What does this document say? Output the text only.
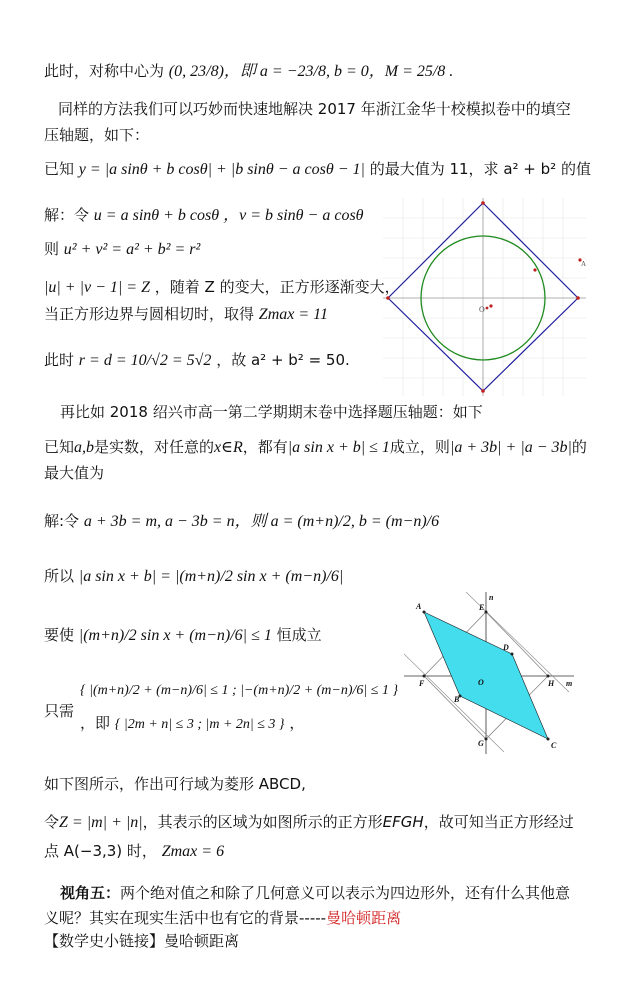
此时，对称中心为 (0, 23/8)，即 a = −23/8, b = 0，M = 25/8 .
同样的方法我们可以巧妙而快速地解决 2017 年浙江金华十校模拟卷中的填空
压轴题，如下：
已知 y = |a sinθ + b cosθ| + |b sinθ − a cosθ − 1| 的最大值为 11，求 a² + b² 的值
解：令 u = a sinθ + b cosθ ，v = b sinθ − a cosθ
则 u² + v² = a² + b² = r²
|u| + |v − 1| = Z ，随着 Z 的变大，正方形逐渐变大，
当正方形边界与圆相切时，取得 Zmax = 11
此时 r = d = 10/√2 = 5√2 ，故 a² + b² = 50.
O
A
再比如 2018 绍兴市高一第二学期期末卷中选择题压轴题：如下
已知a,b是实数，对任意的x∈R，都有|a sin x + b| ≤ 1成立，则|a + 3b| + |a − 3b|的
最大值为
解:令 a + 3b = m, a − 3b = n，则 a = (m+n)/2, b = (m−n)/6
所以 |a sin x + b| = |(m+n)/2 sin x + (m−n)/6|
要使 |(m+n)/2 sin x + (m−n)/6| ≤ 1 恒成立
只需
{ |(m+n)/2 + (m−n)/6| ≤ 1 ; |−(m+n)/2 + (m−n)/6| ≤ 1 }
，即 { |2m + n| ≤ 3 ; |m + 2n| ≤ 3 } ，
A
D
C
B
E
H
G
F	O	m
n
如下图所示，作出可行域为菱形 ABCD,
令Z = |m| + |n|，其表示的区域为如图所示的正方形EFGH，故可知当正方形经过
点 A(−3,3) 时， Zmax = 6
视角五：两个绝对值之和除了几何意义可以表示为四边形外，还有什么其他意
义呢？其实在现实生活中也有它的背景-----曼哈顿距离
【数学史小链接】曼哈顿距离
